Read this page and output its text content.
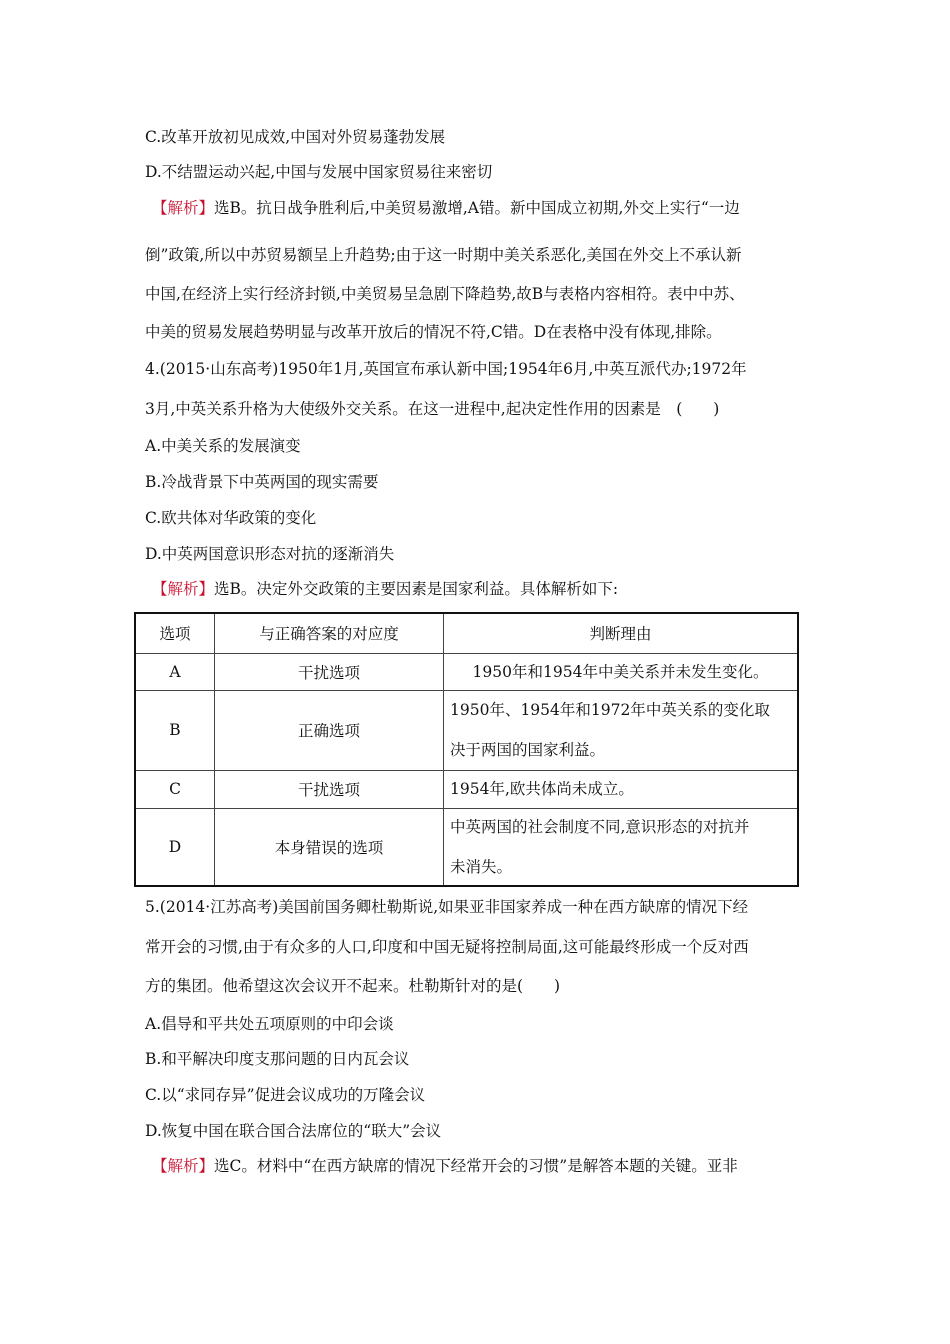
C.改革开放初见成效,中国对外贸易蓬勃发展
D.不结盟运动兴起,中国与发展中国家贸易往来密切
【解析】选B。抗日战争胜利后,中美贸易激增,A错。新中国成立初期,外交上实行“一边
倒”政策,所以中苏贸易额呈上升趋势;由于这一时期中美关系恶化,美国在外交上不承认新
中国,在经济上实行经济封锁,中美贸易呈急剧下降趋势,故B与表格内容相符。表中中苏、
中美的贸易发展趋势明显与改革开放后的情况不符,C错。D在表格中没有体现,排除。
4.(2015·山东高考)1950年1月,英国宣布承认新中国;1954年6月,中英互派代办;1972年
3月,中英关系升格为大使级外交关系。在这一进程中,起决定性作用的因素是　(　　)
A.中美关系的发展演变
B.冷战背景下中英两国的现实需要
C.欧共体对华政策的变化
D.中英两国意识形态对抗的逐渐消失
【解析】选B。决定外交政策的主要因素是国家利益。具体解析如下:
选项	与正确答案的对应度	判断理由
A	干扰选项	1950年和1954年中美关系并未发生变化。

B	正确选项	1950年、1954年和1972年中英关系的变化取
决于两国的国家利益。

C	干扰选项	1954年,欧共体尚未成立。

D	本身错误的选项	中英两国的社会制度不同,意识形态的对抗并
未消失。
5.(2014·江苏高考)美国前国务卿杜勒斯说,如果亚非国家养成一种在西方缺席的情况下经
常开会的习惯,由于有众多的人口,印度和中国无疑将控制局面,这可能最终形成一个反对西
方的集团。他希望这次会议开不起来。杜勒斯针对的是(　　)
A.倡导和平共处五项原则的中印会谈
B.和平解决印度支那问题的日内瓦会议
C.以“求同存异”促进会议成功的万隆会议
D.恢复中国在联合国合法席位的“联大”会议
【解析】选C。材料中“在西方缺席的情况下经常开会的习惯”是解答本题的关键。亚非
